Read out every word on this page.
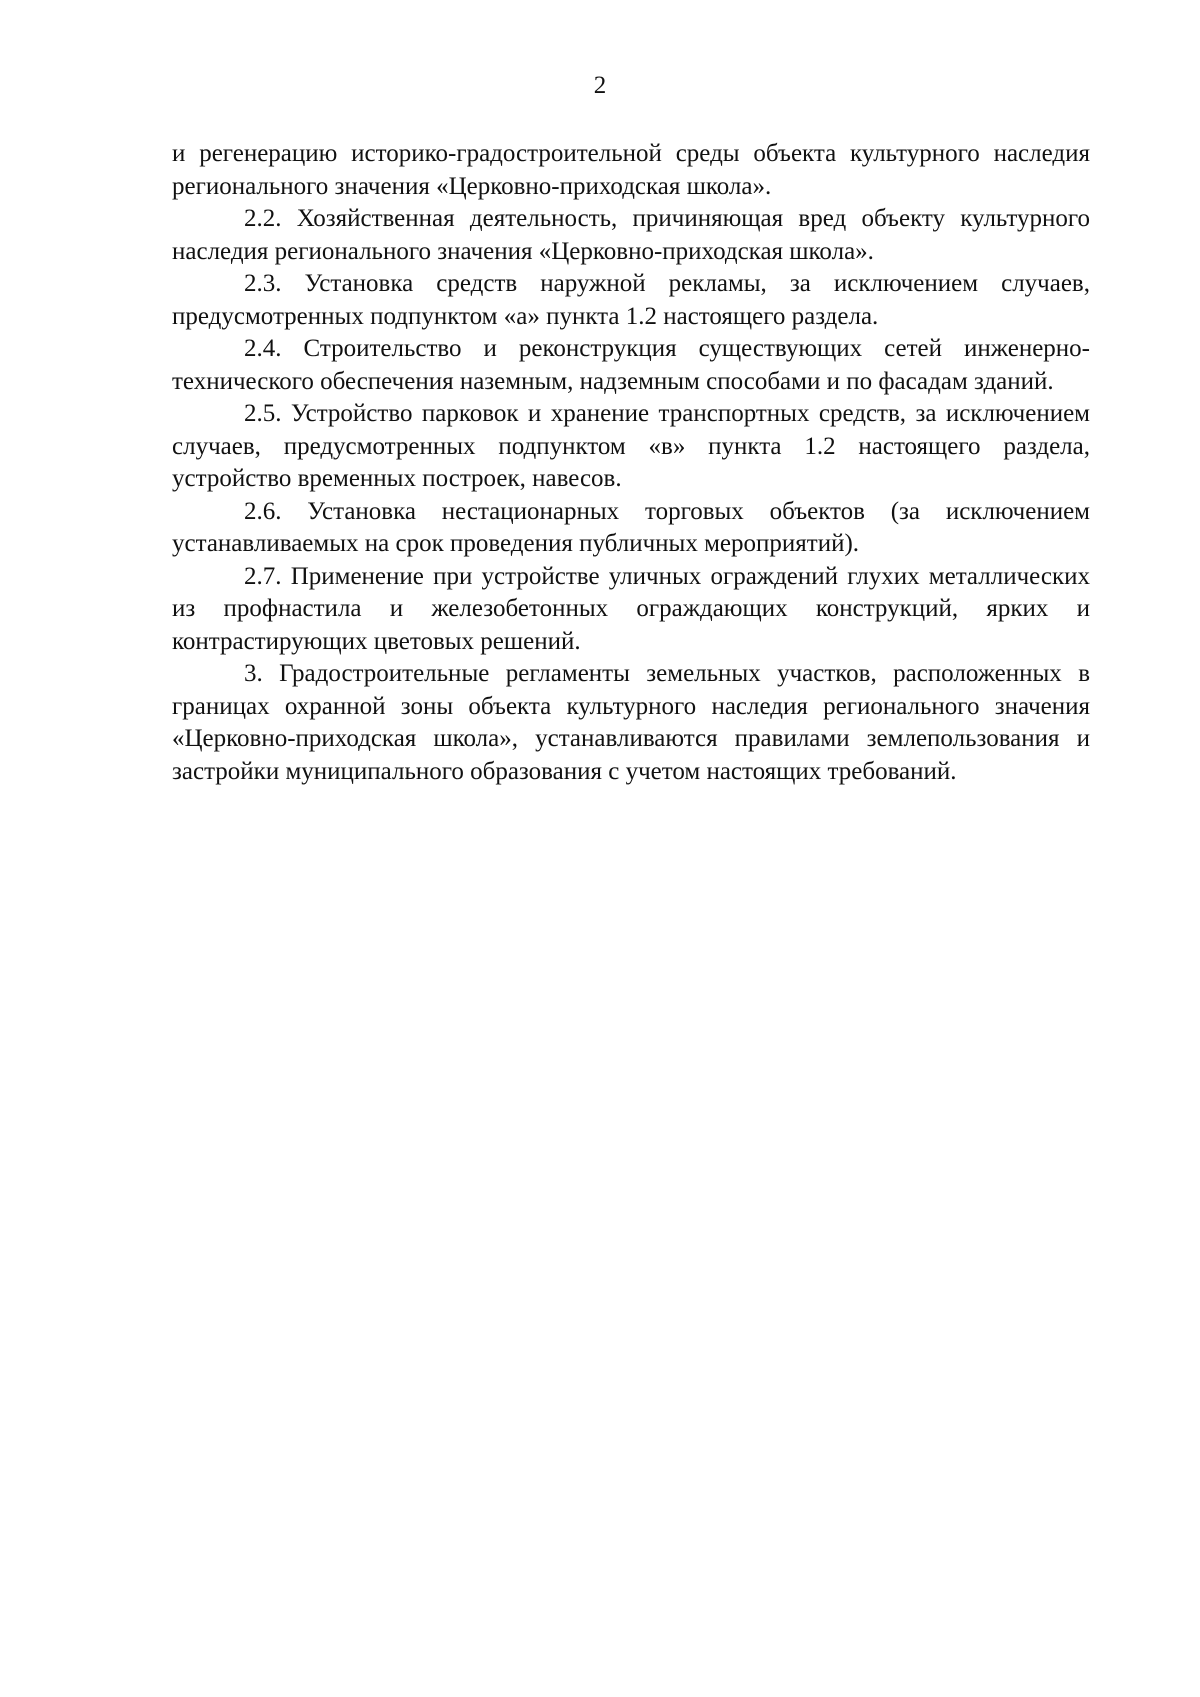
2

и регенерацию историко-градостроительной среды объекта культурного наследия регионального значения «Церковно-приходская школа».

2.2. Хозяйственная деятельность, причиняющая вред объекту культурного наследия регионального значения «Церковно-приходская школа».

2.3. Установка средств наружной рекламы, за исключением случаев, предусмотренных подпунктом «а» пункта 1.2 настоящего раздела.

2.4. Строительство и реконструкция существующих сетей инженерно-технического обеспечения наземным, надземным способами и по фасадам зданий.

2.5. Устройство парковок и хранение транспортных средств, за исключением случаев, предусмотренных подпунктом «в» пункта 1.2 настоящего раздела, устройство временных построек, навесов.

2.6. Установка нестационарных торговых объектов (за исключением устанавливаемых на срок проведения публичных мероприятий).

2.7. Применение при устройстве уличных ограждений глухих металлических из профнастила и железобетонных ограждающих конструкций, ярких и контрастирующих цветовых решений.

3. Градостроительные регламенты земельных участков, расположенных в границах охранной зоны объекта культурного наследия регионального значения «Церковно-приходская школа», устанавливаются правилами землепользования и застройки муниципального образования с учетом настоящих требований.
